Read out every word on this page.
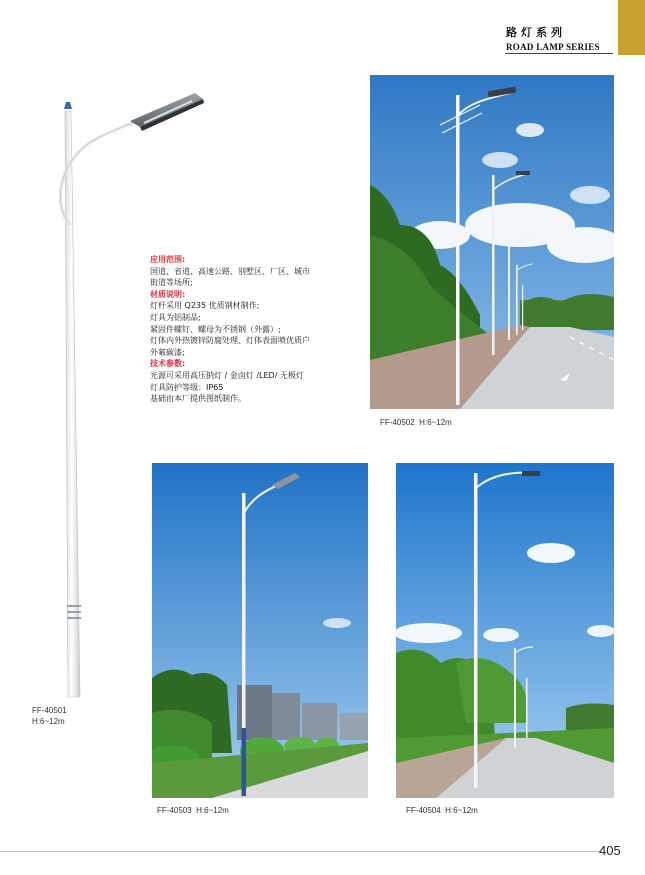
路灯系列
ROAD LAMP SERIES
FF-40501
H:6~12m
应用范围:
国道、省道、高速公路、别墅区、厂区、城市
街道等场所;
材质说明:
灯杆采用 Q235 优质钢材制作;
灯具为铝制品;
紧固件螺钉、螺母为不锈钢（外露）;
灯体内外热镀锌防腐处理、灯体表面喷优质户
外氟碳漆;
技术参数:
光源可采用高压钠灯 / 金卤灯 /LED/ 无极灯
灯具防护等级：IP65
基础由本厂提供图纸制作。
FF-40502 H:6~12m
FF-40503 H:6~12m	FF-40504 H:6~12m
405
